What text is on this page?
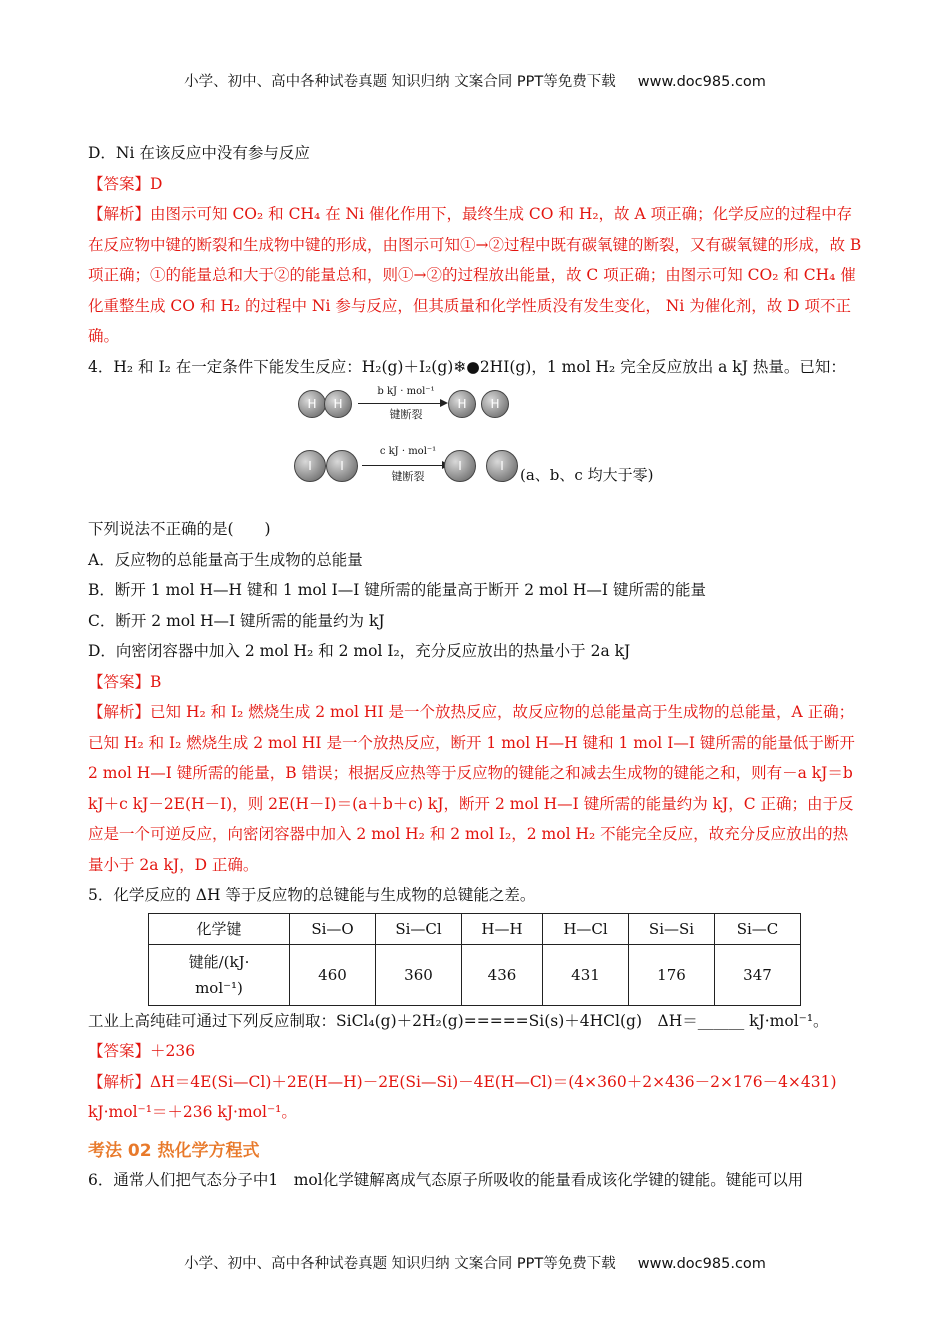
小学、初中、高中各种试卷真题 知识归纳 文案合同 PPT等免费下载 www.doc985.com

D．Ni 在该反应中没有参与反应

【答案】D

【解析】由图示可知 CO₂ 和 CH₄ 在 Ni 催化作用下，最终生成 CO 和 H₂，故 A 项正确；化学反应的过程中存在反应物中键的断裂和生成物中键的形成，由图示可知①→②过程中既有碳氧键的断裂，又有碳氧键的形成，故 B 项正确；①的能量总和大于②的能量总和，则①→②的过程放出能量，故 C 项正确；由图示可知 CO₂ 和 CH₄ 催化重整生成 CO 和 H₂ 的过程中 Ni 参与反应，但其质量和化学性质没有发生变化， Ni 为催化剂，故 D 项不正确。

4．H₂ 和 I₂ 在一定条件下能发生反应：H₂(g)＋I₂(g)❄●2HI(g)，1 mol H₂ 完全反应放出 a kJ 热量。已知：

H	H
b kJ · mol⁻¹
键断裂
H	H
I	I
c kJ · mol⁻¹
键断裂
I	I	(a、b、c 均大于零)

下列说法不正确的是(　　)

A．反应物的总能量高于生成物的总能量

B．断开 1 mol H—H 键和 1 mol I—I 键所需的能量高于断开 2 mol H—I 键所需的能量

C．断开 2 mol H—I 键所需的能量约为 kJ

D．向密闭容器中加入 2 mol H₂ 和 2 mol I₂，充分反应放出的热量小于 2a kJ

【答案】B

【解析】已知 H₂ 和 I₂ 燃烧生成 2 mol HI 是一个放热反应，故反应物的总能量高于生成物的总能量，A 正确；已知 H₂ 和 I₂ 燃烧生成 2 mol HI 是一个放热反应，断开 1 mol H—H 键和 1 mol I—I 键所需的能量低于断开 2 mol H—I 键所需的能量，B 错误；根据反应热等于反应物的键能之和减去生成物的键能之和，则有－a kJ＝b kJ＋c kJ－2E(H－I)，则 2E(H－I)＝(a＋b＋c) kJ，断开 2 mol H—I 键所需的能量约为 kJ，C 正确；由于反应是一个可逆反应，向密闭容器中加入 2 mol H₂ 和 2 mol I₂，2 mol H₂ 不能完全反应，故充分反应放出的热量小于 2a kJ，D 正确。

5．化学反应的 ΔH 等于反应物的总键能与生成物的总键能之差。

化学键	Si—O	Si—Cl	H—H	H—Cl	Si—Si	Si—C
键能/(kJ·
mol⁻¹)	460	360	436	431	176	347

工业上高纯硅可通过下列反应制取：SiCl₄(g)＋2H₂(g)=====Si(s)＋4HCl(g)　ΔH＝______ kJ·mol⁻¹。

【答案】＋236

【解析】ΔH＝4E(Si—Cl)＋2E(H—H)－2E(Si—Si)－4E(H—Cl)＝(4×360＋2×436－2×176－4×431) kJ·mol⁻¹＝＋236 kJ·mol⁻¹。

考法 02 热化学方程式

6．通常人们把气态分子中1　mol化学键解离成气态原子所吸收的能量看成该化学键的键能。键能可以用

小学、初中、高中各种试卷真题 知识归纳 文案合同 PPT等免费下载 www.doc985.com
